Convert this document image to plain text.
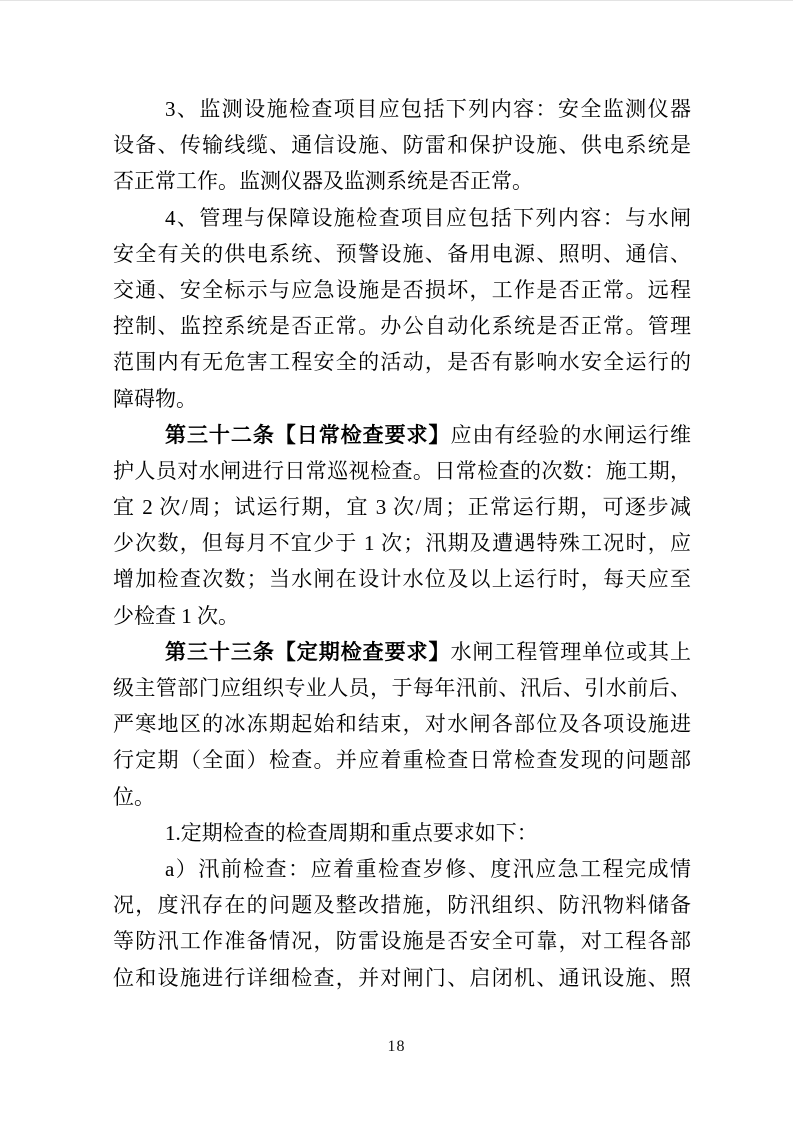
3、监测设施检查项目应包括下列内容：安全监测仪器
设备、传输线缆、通信设施、防雷和保护设施、供电系统是
否正常工作。监测仪器及监测系统是否正常。
4、管理与保障设施检查项目应包括下列内容：与水闸
安全有关的供电系统、预警设施、备用电源、照明、通信、
交通、安全标示与应急设施是否损坏，工作是否正常。远程
控制、监控系统是否正常。办公自动化系统是否正常。管理
范围内有无危害工程安全的活动，是否有影响水安全运行的
障碍物。
第三十二条【日常检查要求】应由有经验的水闸运行维
护人员对水闸进行日常巡视检查。日常检查的次数：施工期，
宜 2 次/周；试运行期，宜 3 次/周；正常运行期，可逐步减
少次数，但每月不宜少于 1 次；汛期及遭遇特殊工况时，应
增加检查次数；当水闸在设计水位及以上运行时，每天应至
少检查 1 次。
第三十三条【定期检查要求】水闸工程管理单位或其上
级主管部门应组织专业人员，于每年汛前、汛后、引水前后、
严寒地区的冰冻期起始和结束，对水闸各部位及各项设施进
行定期（全面）检查。并应着重检查日常检查发现的问题部
位。
1.定期检查的检查周期和重点要求如下：
a）汛前检查：应着重检查岁修、度汛应急工程完成情
况，度汛存在的问题及整改措施，防汛组织、防汛物料储备
等防汛工作准备情况，防雷设施是否安全可靠，对工程各部
位和设施进行详细检查，并对闸门、启闭机、通讯设施、照
18
